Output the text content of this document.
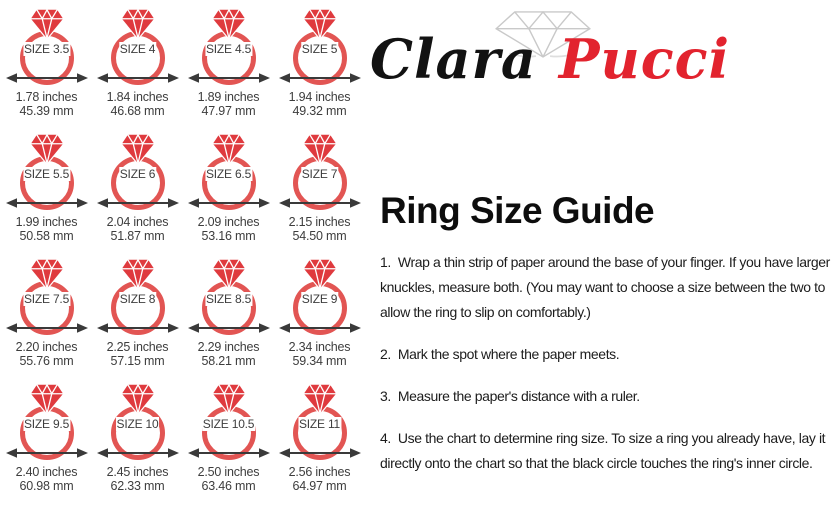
Clara Pucci
SIZE 3.5
1.78 inches
45.39 mm
SIZE 4
1.84 inches
46.68 mm
SIZE 4.5
1.89 inches
47.97 mm
SIZE 5
1.94 inches
49.32 mm
SIZE 5.5
1.99 inches
50.58 mm
SIZE 6
2.04 inches
51.87 mm
SIZE 6.5
2.09 inches
53.16 mm
SIZE 7
2.15 inches
54.50 mm
SIZE 7.5
2.20 inches
55.76 mm
SIZE 8
2.25 inches
57.15 mm
SIZE 8.5
2.29 inches
58.21 mm
SIZE 9
2.34 inches
59.34 mm
SIZE 9.5
2.40 inches
60.98 mm
SIZE 10
2.45 inches
62.33 mm
SIZE 10.5
2.50 inches
63.46 mm
SIZE 11
2.56 inches
64.97 mm
Ring Size Guide

1. Wrap a thin strip of paper around the base of your finger. If you have larger knuckles, measure both. (You may want to choose a size between the two to allow the ring to slip on comfortably.)

2. Mark the spot where the paper meets.

3. Measure the paper's distance with a ruler.

4. Use the chart to determine ring size. To size a ring you already have, lay it directly onto the chart so that the black circle touches the ring's inner circle.
